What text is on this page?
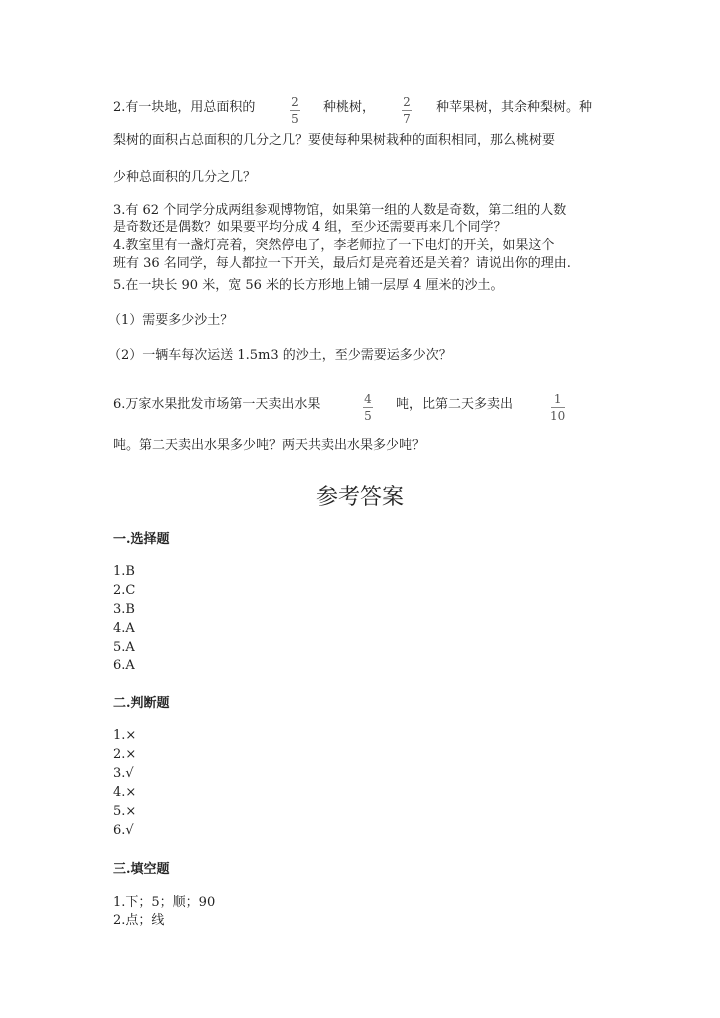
2.有一块地，用总面积的	2
5
种桃树， 2
7
种苹果树，其余种梨树。种
梨树的面积占总面积的几分之几？要使每种果树栽种的面积相同，那么桃树要
少种总面积的几分之几？
3.有 62 个同学分成两组参观博物馆，如果第一组的人数是奇数，第二组的人数
是奇数还是偶数？如果要平均分成 4 组，至少还需要再来几个同学？
4.教室里有一盏灯亮着，突然停电了，李老师拉了一下电灯的开关，如果这个
班有 36 名同学，每人都拉一下开关，最后灯是亮着还是关着？请说出你的理由.
5.在一块长 90 米，宽 56 米的长方形地上铺一层厚 4 厘米的沙土。
（1）需要多少沙土？
（2）一辆车每次运送 1.5m3 的沙土，至少需要运多少次？
6.万家水果批发市场第一天卖出水果	4
5
吨，比第二天多卖出	1
10
吨。第二天卖出水果多少吨？两天共卖出水果多少吨？
参考答案
一.选择题
1.B
2.C
3.B
4.A
5.A
6.A
二.判断题
1.×
2.×
3.√
4.×
5.×
6.√
三.填空题
1.下；5；顺；90
2.点；线
